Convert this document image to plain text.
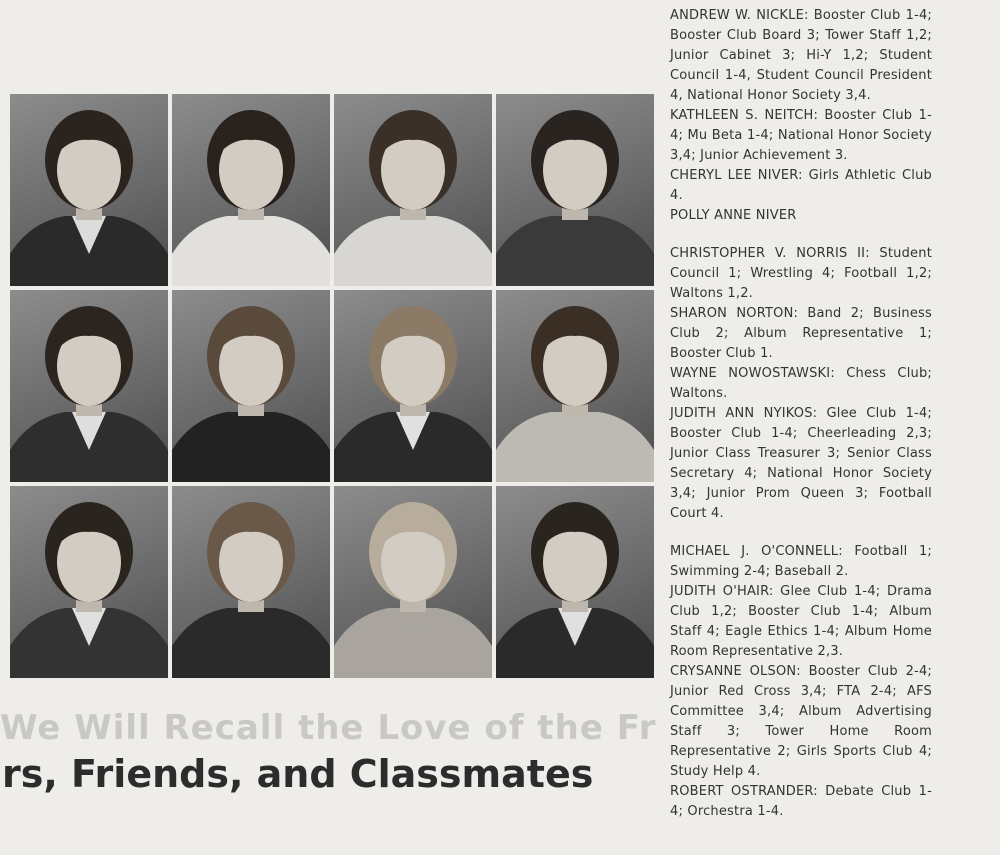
We Will Recall the Love of the Fr
rs, Friends, and Classmates
ANDREW W. NICKLE: Booster Club 1-4; Booster Club Board 3; Tower Staff 1,2; Junior Cabinet 3; Hi-Y 1,2; Student Council 1-4, Student Council President 4, National Honor Society 3,4.
KATHLEEN S. NEITCH: Booster Club 1-4; Mu Beta 1-4; National Honor Society 3,4; Junior Achievement 3.
CHERYL LEE NIVER: Girls Athletic Club 4.
POLLY ANNE NIVER
CHRISTOPHER V. NORRIS II: Student Council 1; Wrestling 4; Football 1,2; Waltons 1,2.
SHARON NORTON: Band 2; Business Club 2; Album Representative 1; Booster Club 1.
WAYNE NOWOSTAWSKI: Chess Club; Waltons.
JUDITH ANN NYIKOS: Glee Club 1-4; Booster Club 1-4; Cheerleading 2,3; Junior Class Treasurer 3; Senior Class Secretary 4; National Honor Society 3,4; Junior Prom Queen 3; Football Court 4.
MICHAEL J. O'CONNELL: Football 1; Swimming 2-4; Baseball 2.
JUDITH O'HAIR: Glee Club 1-4; Drama Club 1,2; Booster Club 1-4; Album Staff 4; Eagle Ethics 1-4; Album Home Room Representative 2,3.
CRYSANNE OLSON: Booster Club 2-4; Junior Red Cross 3,4; FTA 2-4; AFS Committee 3,4; Album Advertising Staff 3; Tower Home Room Representative 2; Girls Sports Club 4; Study Help 4.
ROBERT OSTRANDER: Debate Club 1-4; Orchestra 1-4.
